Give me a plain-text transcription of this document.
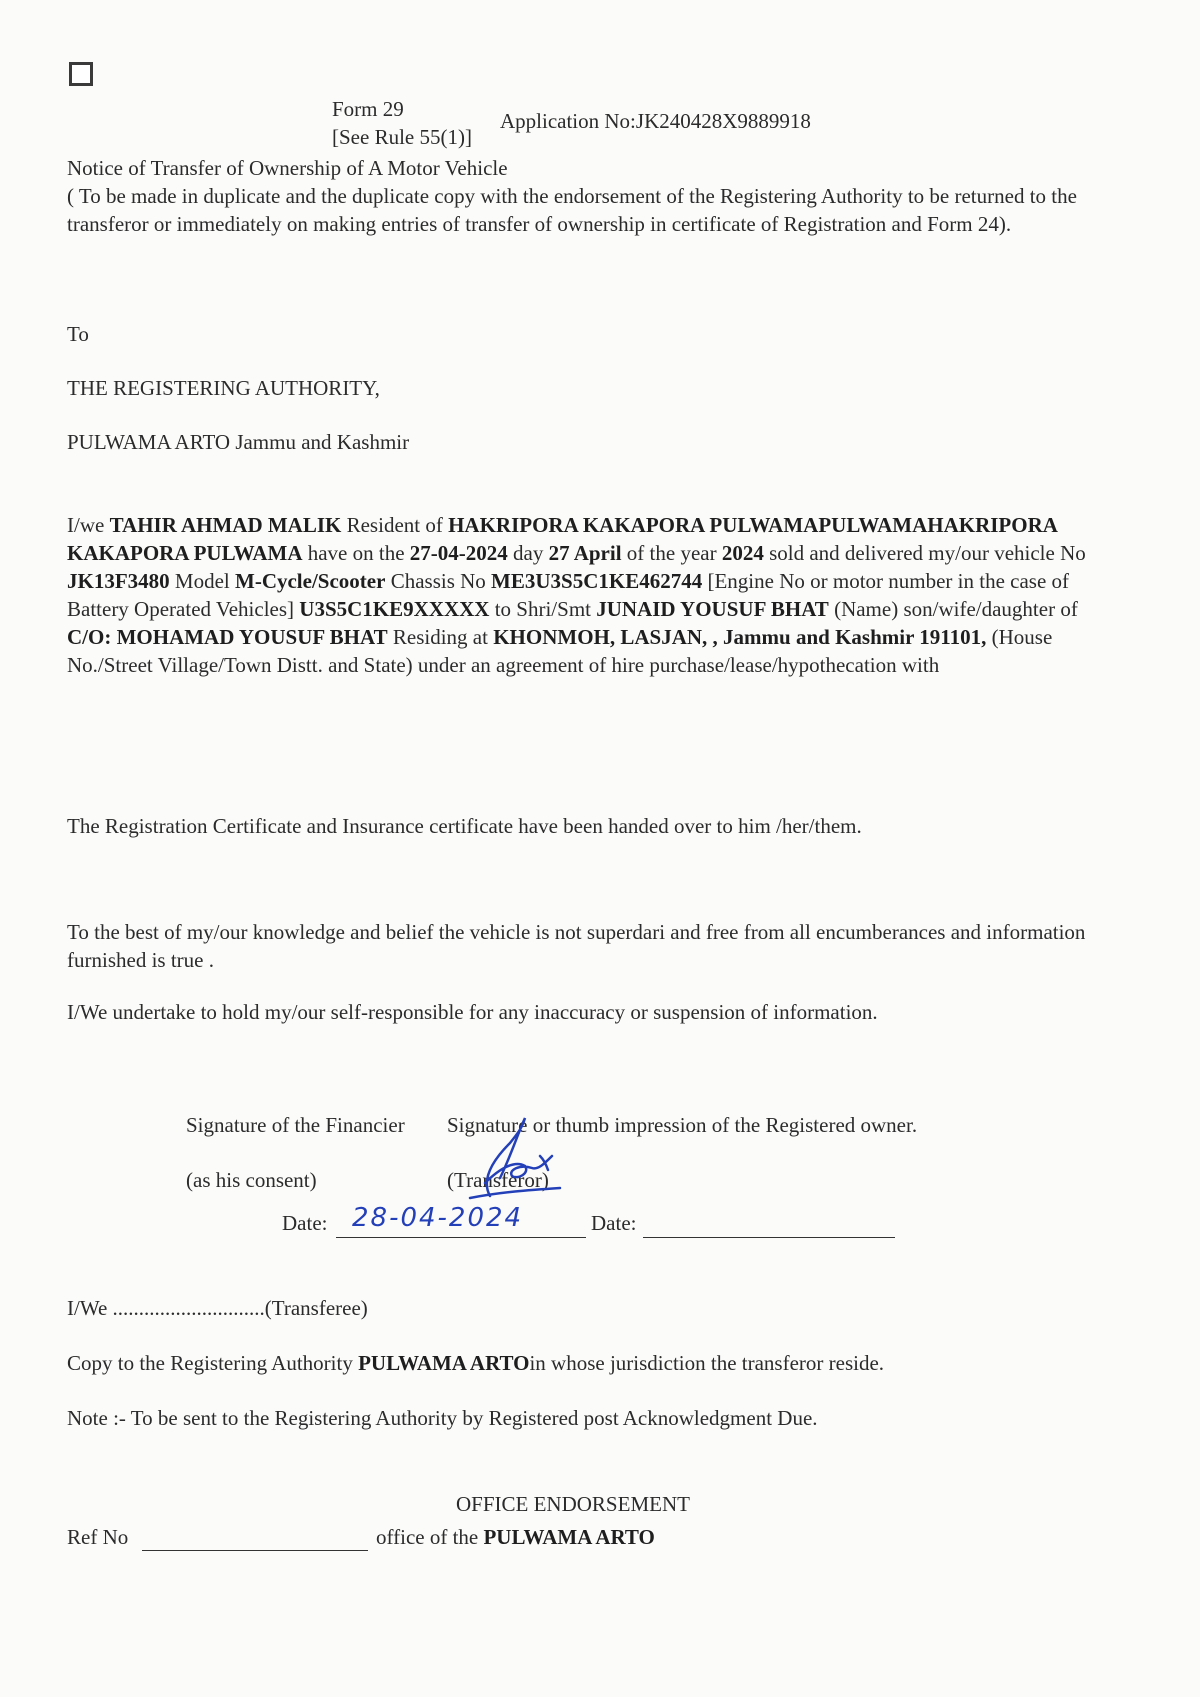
Form 29
[See Rule 55(1)]
Application No:JK240428X9889918
Notice of Transfer of Ownership of A Motor Vehicle
( To be made in duplicate and the duplicate copy with the endorsement of the Registering Authority to be returned to the transferor or immediately on making entries of transfer of ownership in certificate of Registration and Form 24).
To
THE REGISTERING AUTHORITY,
PULWAMA ARTO Jammu and Kashmir
I/we TAHIR AHMAD MALIK Resident of HAKRIPORA KAKAPORA PULWAMAPULWAMAHAKRIPORA KAKAPORA PULWAMA have on the 27-04-2024 day 27 April of the year 2024 sold and delivered my/our vehicle No JK13F3480 Model M-Cycle/Scooter Chassis No ME3U3S5C1KE462744 [Engine No or motor number in the case of Battery Operated Vehicles] U3S5C1KE9XXXXX to Shri/Smt JUNAID YOUSUF BHAT (Name) son/wife/daughter of C/O: MOHAMAD YOUSUF BHAT Residing at KHONMOH, LASJAN, , Jammu and Kashmir 191101, (House No./Street Village/Town Distt. and State) under an agreement of hire purchase/lease/hypothecation with
The Registration Certificate and Insurance certificate have been handed over to him /her/them.
To the best of my/our knowledge and belief the vehicle is not superdari and free from all encumberances and information furnished is true .
I/We undertake to hold my/our self-responsible for any inaccuracy or suspension of information.
Signature of the Financier Signature or thumb impression of the Registered owner.
(as his consent)	(Transferor)
Date: 28-04-2024	Date:
I/We .............................(Transferee)
Copy to the Registering Authority PULWAMA ARTOin whose jurisdiction the transferor reside.
Note :- To be sent to the Registering Authority by Registered post Acknowledgment Due.
OFFICE ENDORSEMENT
Ref No	office of the PULWAMA ARTO
